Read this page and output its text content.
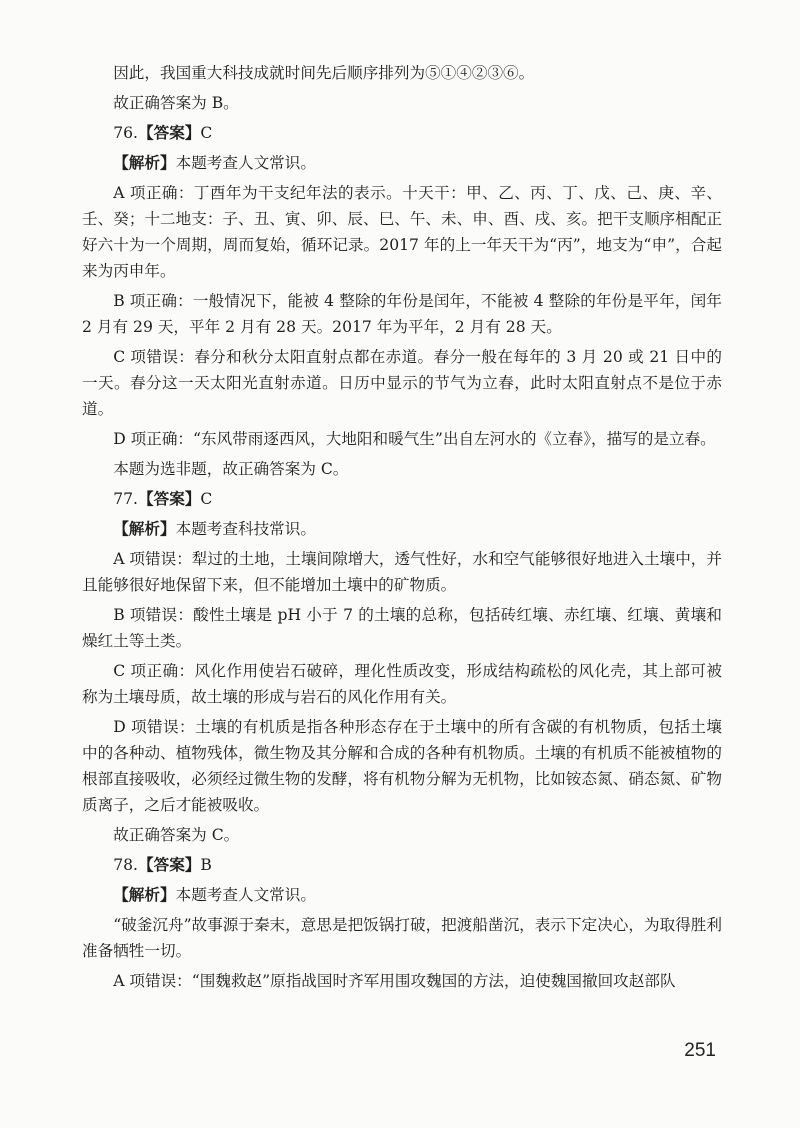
因此，我国重大科技成就时间先后顺序排列为⑤①④②③⑥。

故正确答案为 B。

76.【答案】C

【解析】本题考查人文常识。

A 项正确：丁酉年为干支纪年法的表示。十天干：甲、乙、丙、丁、戊、己、庚、辛、壬、癸；十二地支：子、丑、寅、卯、辰、巳、午、未、申、酉、戌、亥。把干支顺序相配正好六十为一个周期，周而复始，循环记录。2017 年的上一年天干为“丙”，地支为“申”，合起来为丙申年。

B 项正确：一般情况下，能被 4 整除的年份是闰年，不能被 4 整除的年份是平年，闰年 2 月有 29 天，平年 2 月有 28 天。2017 年为平年，2 月有 28 天。

C 项错误：春分和秋分太阳直射点都在赤道。春分一般在每年的 3 月 20 或 21 日中的一天。春分这一天太阳光直射赤道。日历中显示的节气为立春，此时太阳直射点不是位于赤道。

D 项正确：“东风带雨逐西风，大地阳和暖气生”出自左河水的《立春》，描写的是立春。

本题为选非题，故正确答案为 C。

77.【答案】C

【解析】本题考查科技常识。

A 项错误：犁过的土地，土壤间隙增大，透气性好，水和空气能够很好地进入土壤中，并且能够很好地保留下来，但不能增加土壤中的矿物质。

B 项错误：酸性土壤是 pH 小于 7 的土壤的总称，包括砖红壤、赤红壤、红壤、黄壤和燥红土等土类。

C 项正确：风化作用使岩石破碎，理化性质改变，形成结构疏松的风化壳，其上部可被称为土壤母质，故土壤的形成与岩石的风化作用有关。

D 项错误：土壤的有机质是指各种形态存在于土壤中的所有含碳的有机物质，包括土壤中的各种动、植物残体，微生物及其分解和合成的各种有机物质。土壤的有机质不能被植物的根部直接吸收，必须经过微生物的发酵，将有机物分解为无机物，比如铵态氮、硝态氮、矿物质离子，之后才能被吸收。

故正确答案为 C。

78.【答案】B

【解析】本题考查人文常识。

“破釜沉舟”故事源于秦末，意思是把饭锅打破，把渡船凿沉，表示下定决心，为取得胜利准备牺牲一切。

A 项错误：“围魏救赵”原指战国时齐军用围攻魏国的方法，迫使魏国撤回攻赵部队

251
